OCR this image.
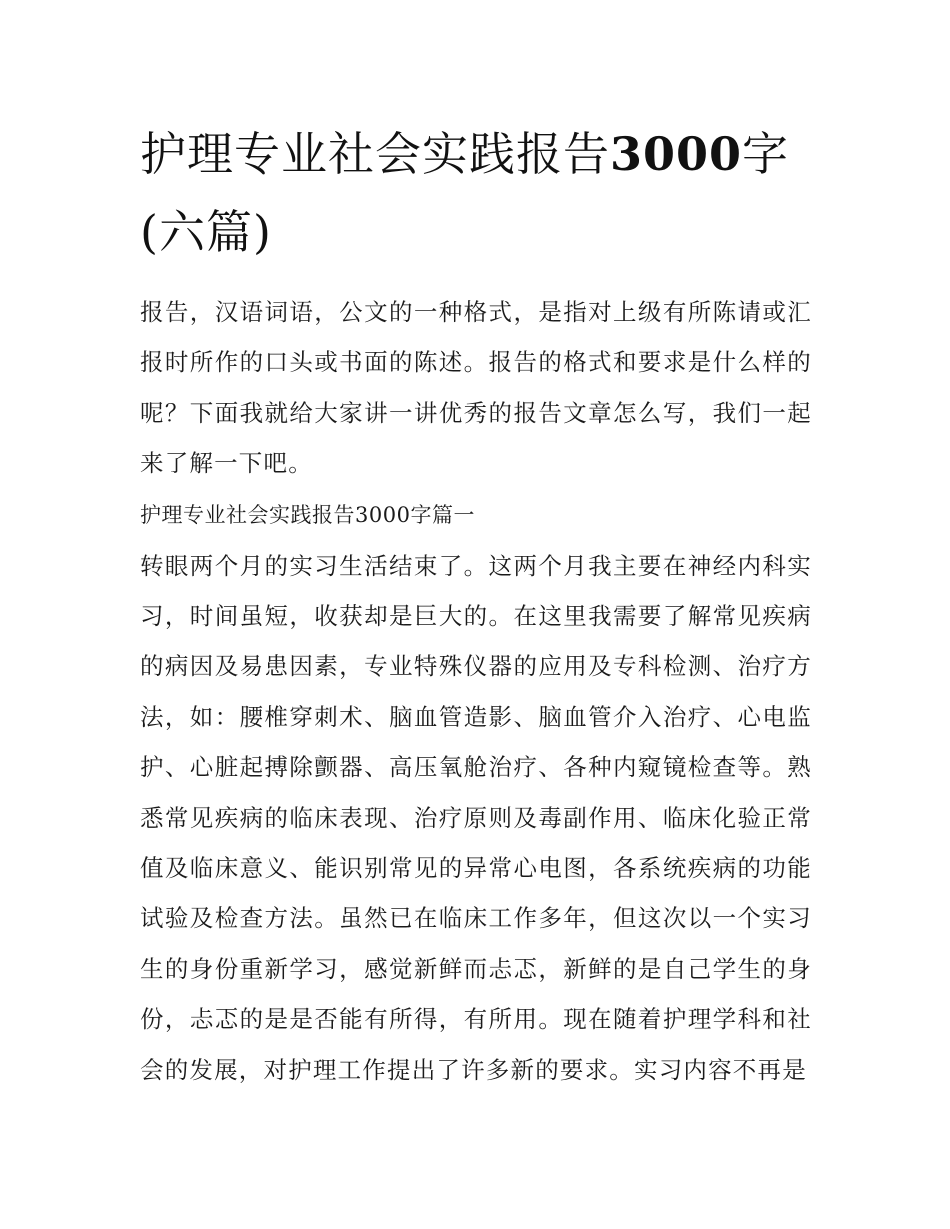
护理专业社会实践报告3000字(六篇)

报告，汉语词语，公文的一种格式，是指对上级有所陈请或汇报时所作的口头或书面的陈述。报告的格式和要求是什么样的呢？下面我就给大家讲一讲优秀的报告文章怎么写，我们一起来了解一下吧。

护理专业社会实践报告3000字篇一

转眼两个月的实习生活结束了。这两个月我主要在神经内科实习，时间虽短，收获却是巨大的。在这里我需要了解常见疾病的病因及易患因素，专业特殊仪器的应用及专科检测、治疗方法，如：腰椎穿刺术、脑血管造影、脑血管介入治疗、心电监护、心脏起搏除颤器、高压氧舱治疗、各种内窥镜检查等。熟悉常见疾病的临床表现、治疗原则及毒副作用、临床化验正常值及临床意义、能识别常见的异常心电图，各系统疾病的功能试验及检查方法。虽然已在临床工作多年，但这次以一个实习生的身份重新学习，感觉新鲜而忐忑，新鲜的是自己学生的身份，忐忑的是是否能有所得，有所用。现在随着护理学科和社会的发展，对护理工作提出了许多新的要求。实习内容不再是
